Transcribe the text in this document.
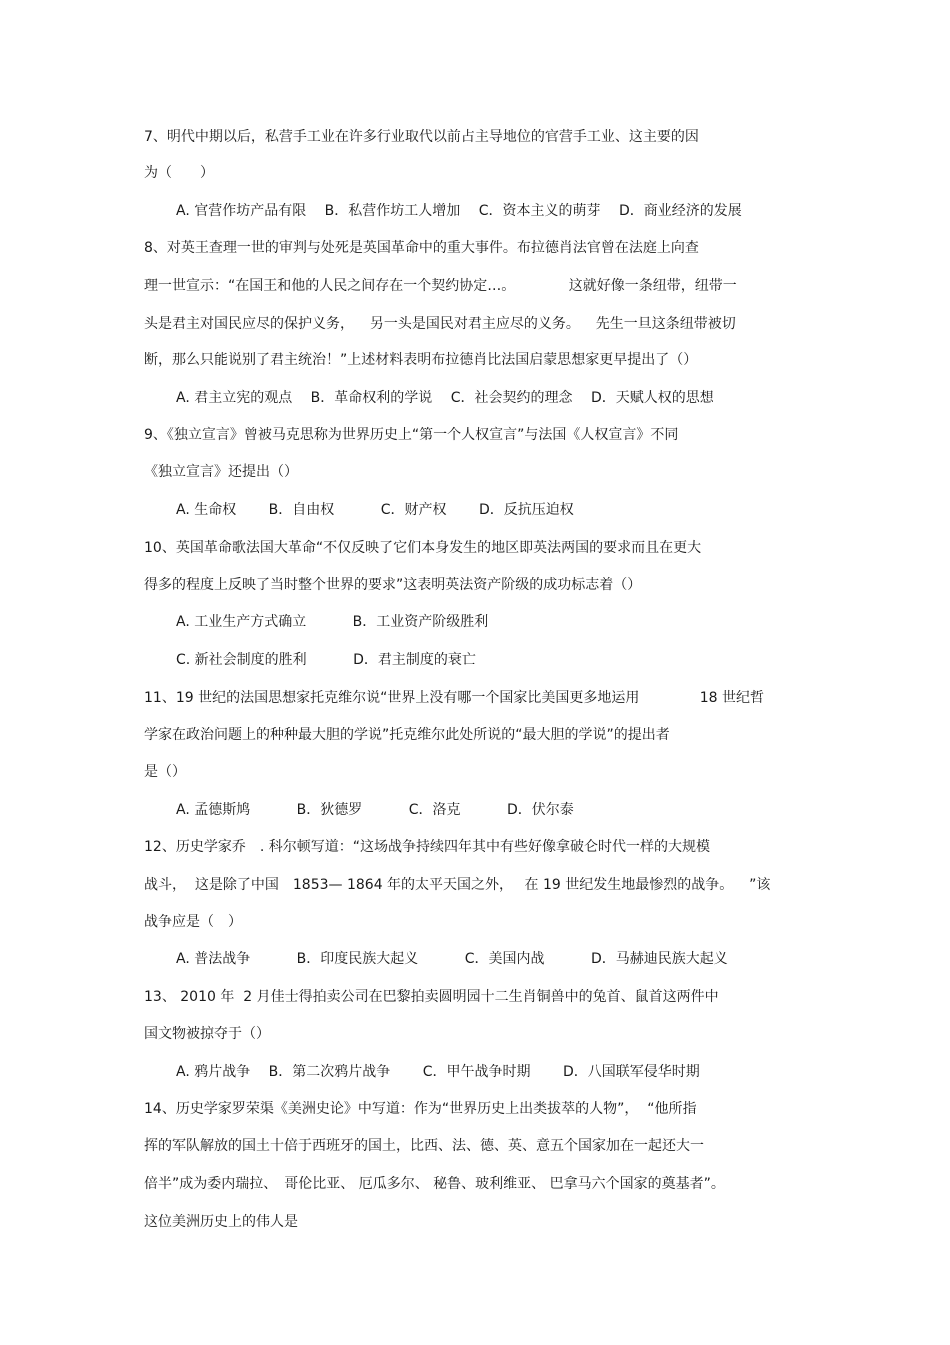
7、明代中期以后，私营手工业在许多行业取代以前占主导地位的官营手工业、这主要的因
为（　　）
A. 官营作坊产品有限　 B．私营作坊工人增加　 C．资本主义的萌芽　 D．商业经济的发展
8、对英王查理一世的审判与处死是英国革命中的重大事件。布拉德肖法官曾在法庭上向查
理一世宣示：“在国王和他的人民之间存在一个契约协定…。　　　　 这就好像一条纽带，纽带一
头是君主对国民应尽的保护义务，　  另一头是国民对君主应尽的义务。　  先生一旦这条纽带被切
断，那么只能说别了君主统治！”上述材料表明布拉德肖比法国启蒙思想家更早提出了（）
A. 君主立宪的观点　 B．革命权利的学说　 C．社会契约的理念　 D．天赋人权的思想
9、《独立宣言》曾被马克思称为世界历史上“第一个人权宣言”与法国《人权宣言》不同
《独立宣言》还提出（）
A. 生命权　　 B．自由权　　　 C．财产权　　 D．反抗压迫权
10、英国革命歌法国大革命“不仅反映了它们本身发生的地区即英法两国的要求而且在更大
得多的程度上反映了当时整个世界的要求”这表明英法资产阶级的成功标志着（）
A. 工业生产方式确立　　　 B．工业资产阶级胜利
C. 新社会制度的胜利　　　 D．君主制度的衰亡
11、19 世纪的法国思想家托克维尔说“世界上没有哪一个国家比美国更多地运用　　　　 18 世纪哲
学家在政治问题上的种种最大胆的学说”托克维尔此处所说的“最大胆的学说”的提出者
是（）
A. 孟德斯鸠　　　 B．狄德罗　　　 C．洛克　　　 D．伏尔泰
12、历史学家乔　. 科尔顿写道：“这场战争持续四年其中有些好像拿破仑时代一样的大规模
战斗，  这是除了中国　1853— 1864 年的太平天国之外，　 在 19 世纪发生地最惨烈的战争。　  ”该
战争应是（　）
A. 普法战争　　　 B．印度民族大起义　　　 C．美国内战　　　 D．马赫迪民族大起义
13、 2010 年  2 月佳士得拍卖公司在巴黎拍卖圆明园十二生肖铜兽中的兔首、鼠首这两件中
国文物被掠夺于（）
A. 鸦片战争　 B．第二次鸦片战争　　 C．甲午战争时期　　 D．八国联军侵华时期
14、历史学家罗荣渠《美洲史论》中写道：作为“世界历史上出类拔萃的人物”，  “他所指
挥的军队解放的国土十倍于西班牙的国土，比西、法、德、英、意五个国家加在一起还大一
倍半”成为委内瑞拉、　哥伦比亚、 厄瓜多尔、 秘鲁、玻利维亚、 巴拿马六个国家的奠基者”。
这位美洲历史上的伟人是
